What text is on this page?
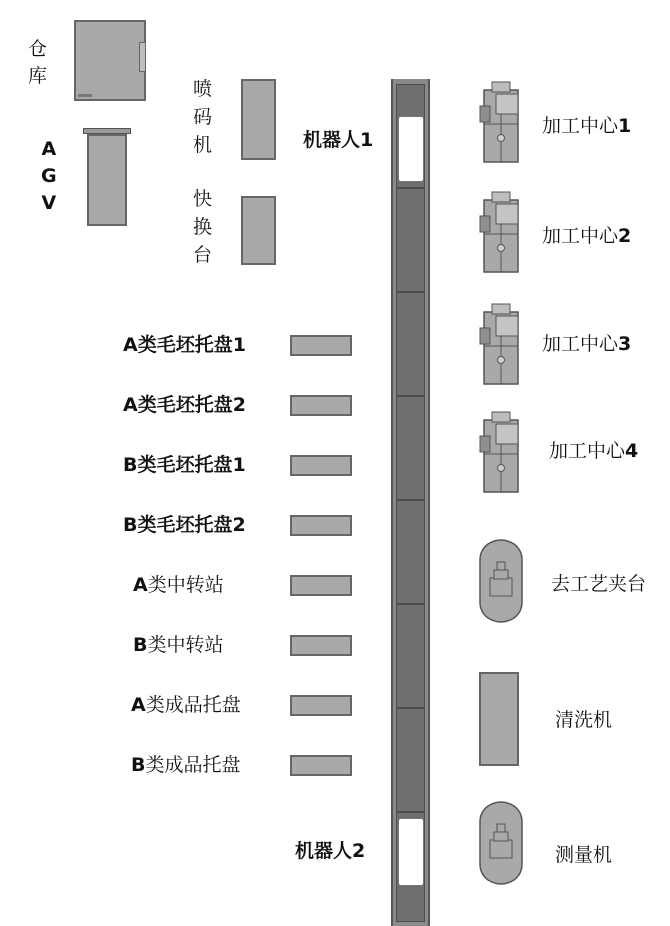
仓库
A
G
V
喷
码
机
快
换
台
机器人1
机器人2
A类毛坯托盘1
A类毛坯托盘2
B类毛坯托盘1
B类毛坯托盘2
A类中转站
B类中转站
A类成品托盘
B类成品托盘
加工中心1
加工中心2
加工中心3
加工中心4
去工艺夹台
清洗机
测量机
